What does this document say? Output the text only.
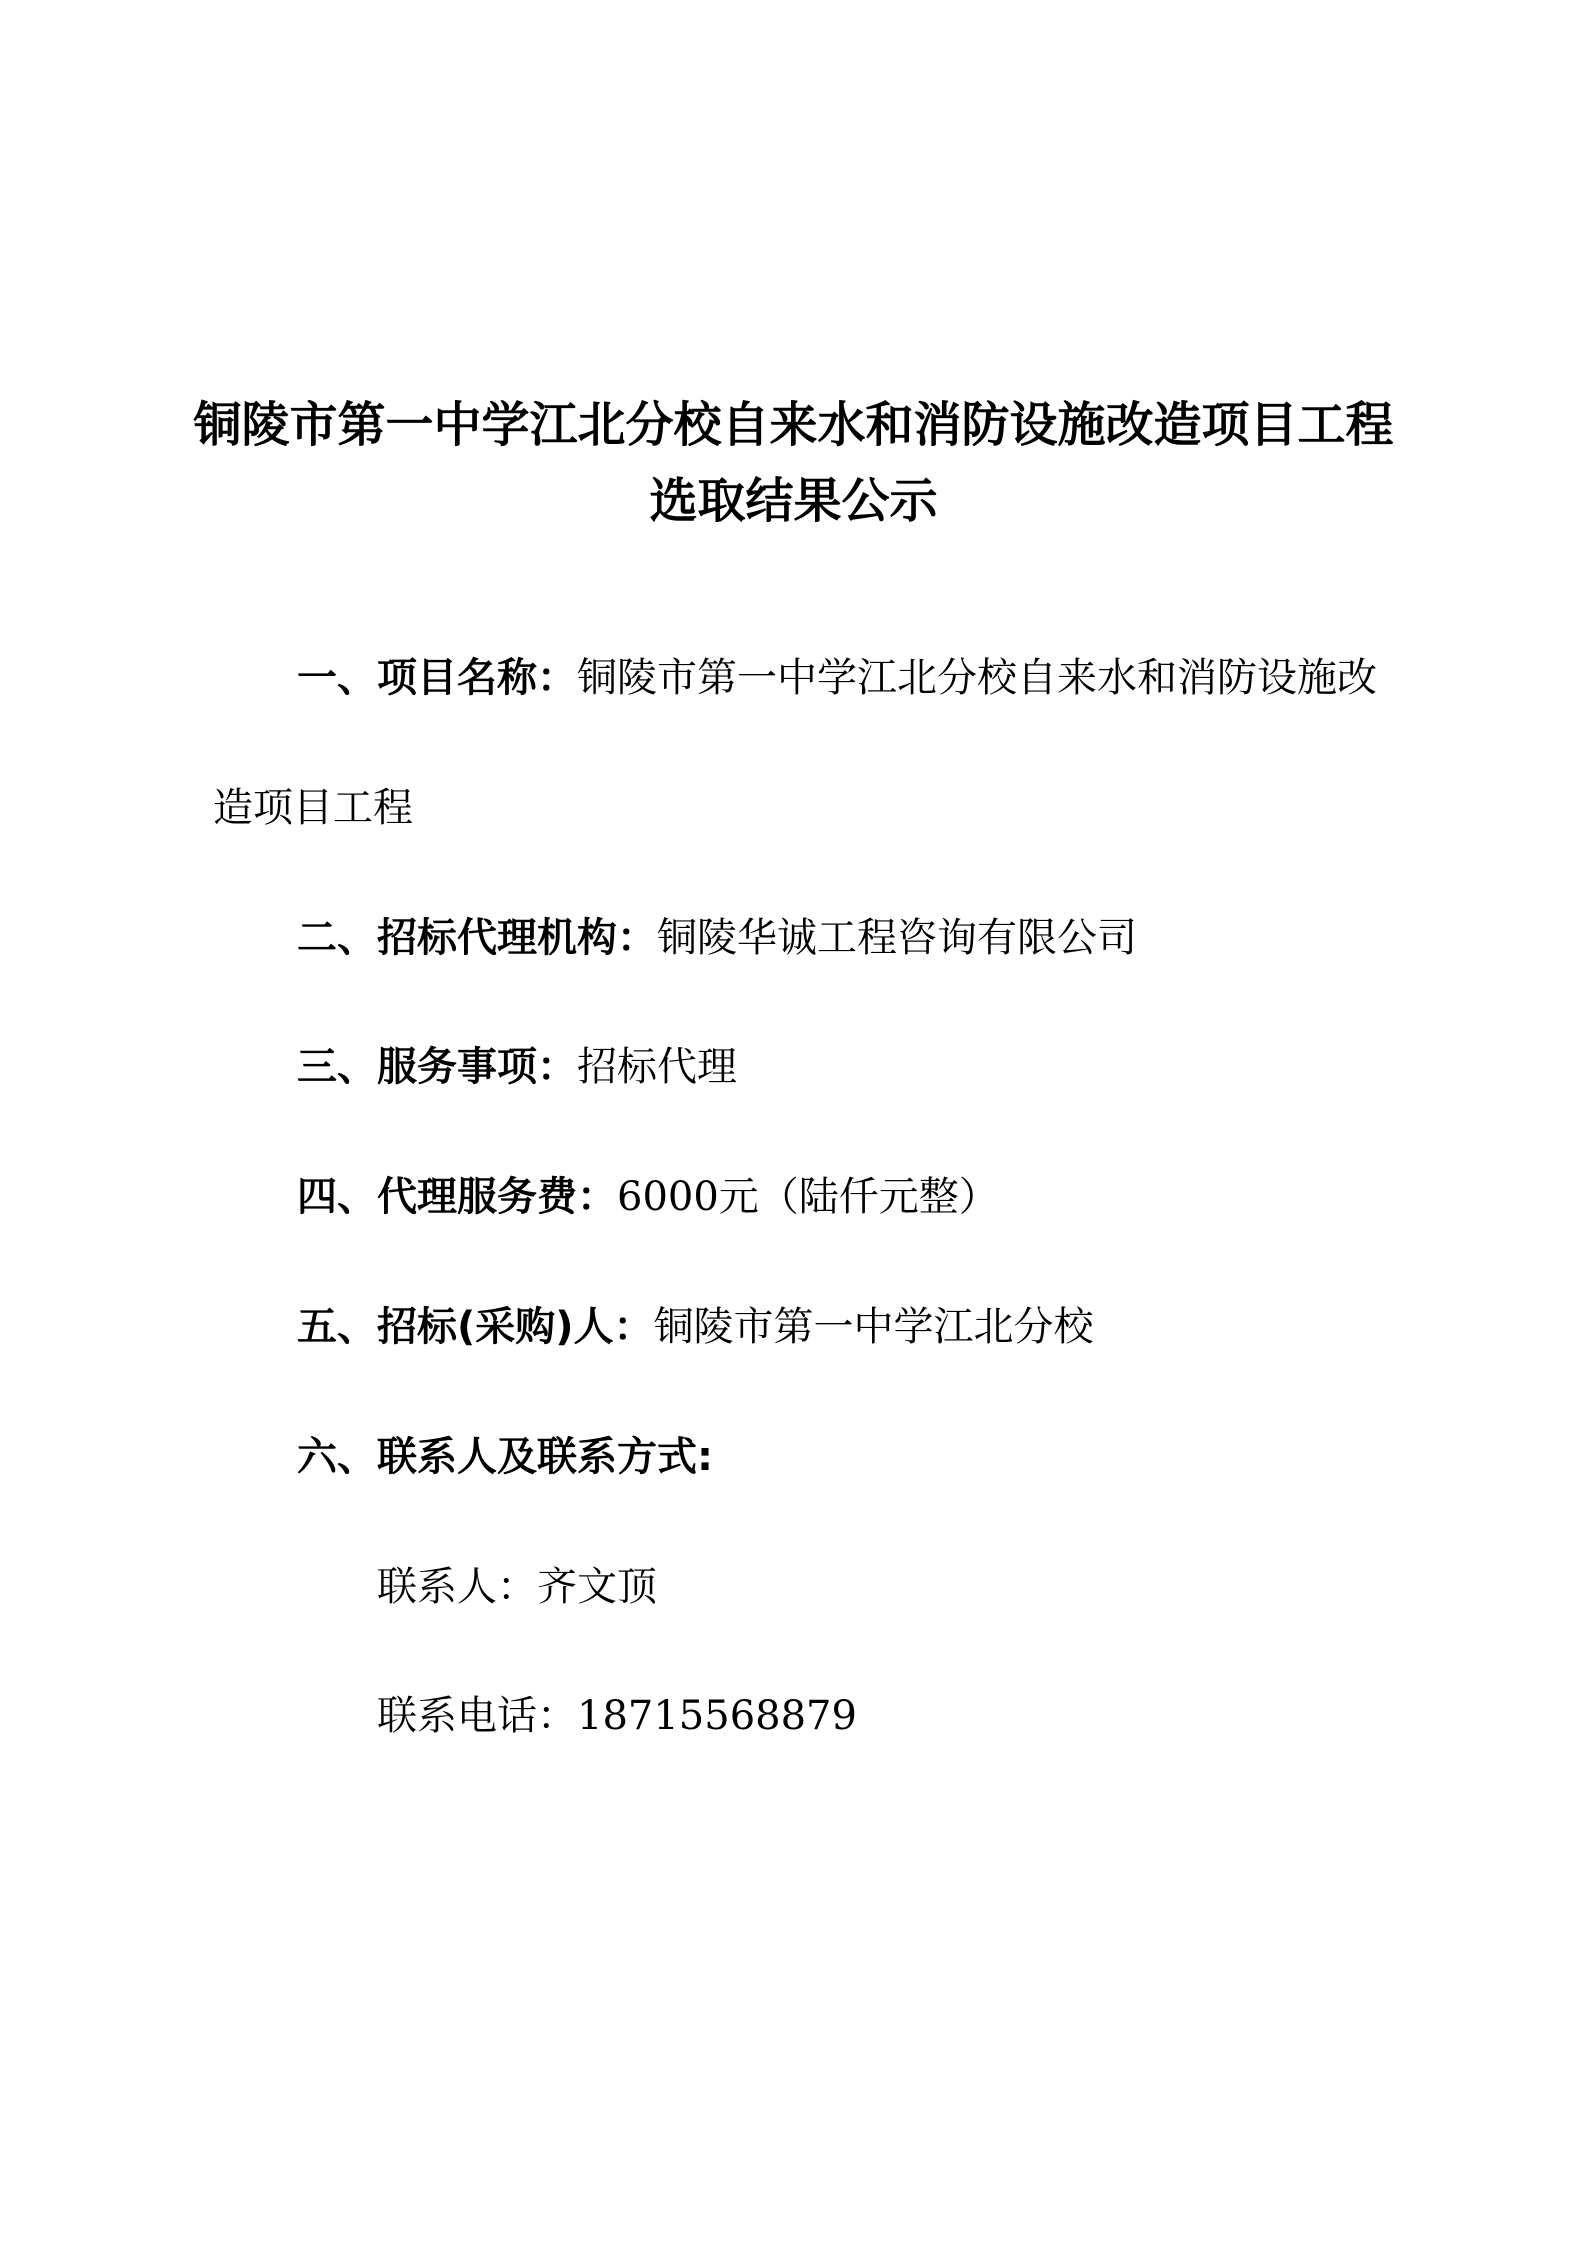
铜陵市第一中学江北分校自来水和消防设施改造项目工程
选取结果公示
一、项目名称：铜陵市第一中学江北分校自来水和消防设施改
造项目工程
二、招标代理机构：铜陵华诚工程咨询有限公司
三、服务事项：招标代理
四、代理服务费：6000元（陆仟元整）
五、招标(采购)人：铜陵市第一中学江北分校
六、联系人及联系方式:
联系人：齐文顶
联系电话：18715568879
